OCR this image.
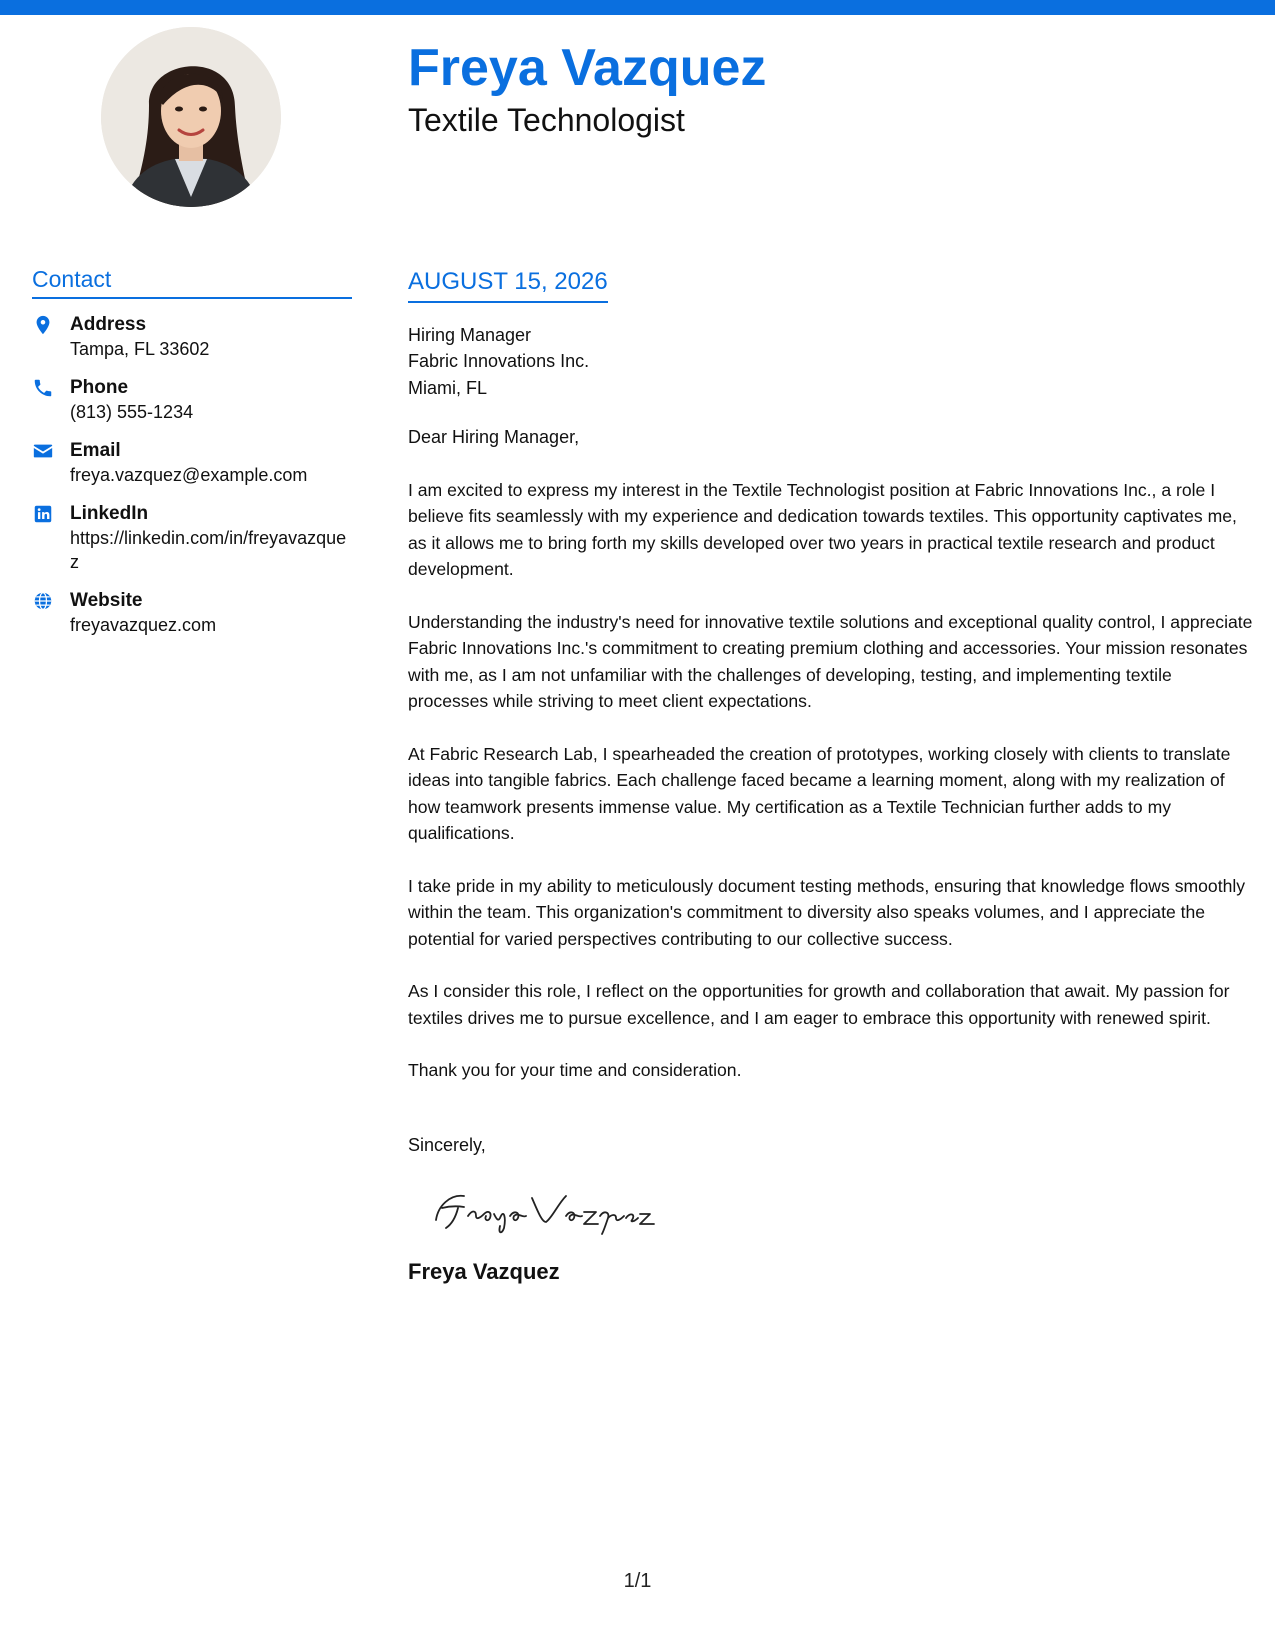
Freya Vazquez
Textile Technologist
Contact
Address
Tampa, FL 33602
Phone
(813) 555-1234
Email
freya.vazquez@example.com
LinkedIn
https://linkedin.com/in/freyavazquez
Website
freyavazquez.com
AUGUST 15, 2026
Hiring Manager
Fabric Innovations Inc.
Miami, FL
Dear Hiring Manager,
I am excited to express my interest in the Textile Technologist position at Fabric Innovations Inc., a role I believe fits seamlessly with my experience and dedication towards textiles. This opportunity captivates me, as it allows me to bring forth my skills developed over two years in practical textile research and product development.
Understanding the industry's need for innovative textile solutions and exceptional quality control, I appreciate Fabric Innovations Inc.'s commitment to creating premium clothing and accessories. Your mission resonates with me, as I am not unfamiliar with the challenges of developing, testing, and implementing textile processes while striving to meet client expectations.
At Fabric Research Lab, I spearheaded the creation of prototypes, working closely with clients to translate ideas into tangible fabrics. Each challenge faced became a learning moment, along with my realization of how teamwork presents immense value. My certification as a Textile Technician further adds to my qualifications.
I take pride in my ability to meticulously document testing methods, ensuring that knowledge flows smoothly within the team. This organization's commitment to diversity also speaks volumes, and I appreciate the potential for varied perspectives contributing to our collective success.
As I consider this role, I reflect on the opportunities for growth and collaboration that await. My passion for textiles drives me to pursue excellence, and I am eager to embrace this opportunity with renewed spirit.
Thank you for your time and consideration.
Sincerely,
Freya Vazquez
1/1
